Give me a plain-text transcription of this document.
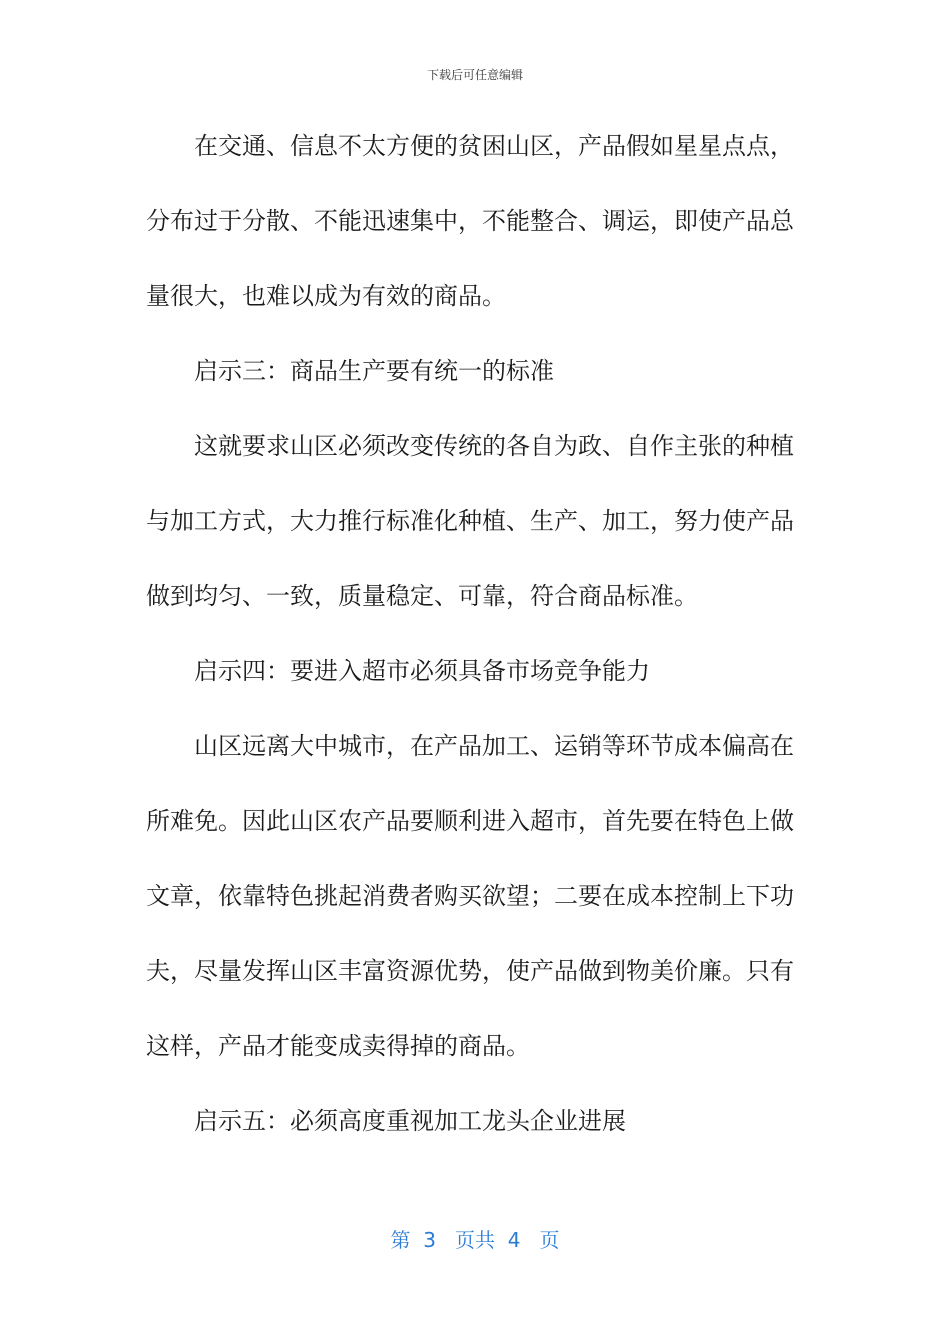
下载后可任意编辑

在交通、信息不太方便的贫困山区，产品假如星星点点，分布过于分散、不能迅速集中，不能整合、调运，即使产品总量很大，也难以成为有效的商品。

启示三：商品生产要有统一的标准

这就要求山区必须改变传统的各自为政、自作主张的种植与加工方式，大力推行标准化种植、生产、加工，努力使产品做到均匀、一致，质量稳定、可靠，符合商品标准。

启示四：要进入超市必须具备市场竞争能力

山区远离大中城市，在产品加工、运销等环节成本偏高在所难免。因此山区农产品要顺利进入超市，首先要在特色上做文章，依靠特色挑起消费者购买欲望；二要在成本控制上下功夫，尽量发挥山区丰富资源优势，使产品做到物美价廉。只有这样，产品才能变成卖得掉的商品。

启示五：必须高度重视加工龙头企业进展

第 3 页共 4 页
